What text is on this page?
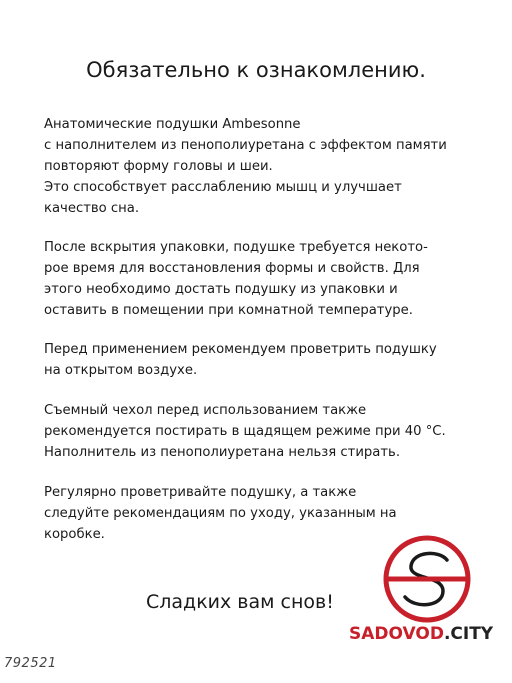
Обязательно к ознакомлению.

Анатомические подушки Ambesonne
с наполнителем из пенополиуретана с эффектом памяти
повторяют форму головы и шеи.
Это способствует расслаблению мышц и улучшает
качество сна.

После вскрытия упаковки, подушке требуется некото-
рое время для восстановления формы и свойств. Для
этого необходимо достать подушку из упаковки и
оставить в помещении при комнатной температуре.

Перед применением рекомендуем проветрить подушку
на открытом воздухе.

Съемный чехол перед использованием также
рекомендуется постирать в щадящем режиме при 40 °С.
Наполнитель из пенополиуретана нельзя стирать.

Регулярно проветривайте подушку, а также
следуйте рекомендациям по уходу, указанным на
коробке.

Сладких вам снов!
SADOVOD.CITY
792521
